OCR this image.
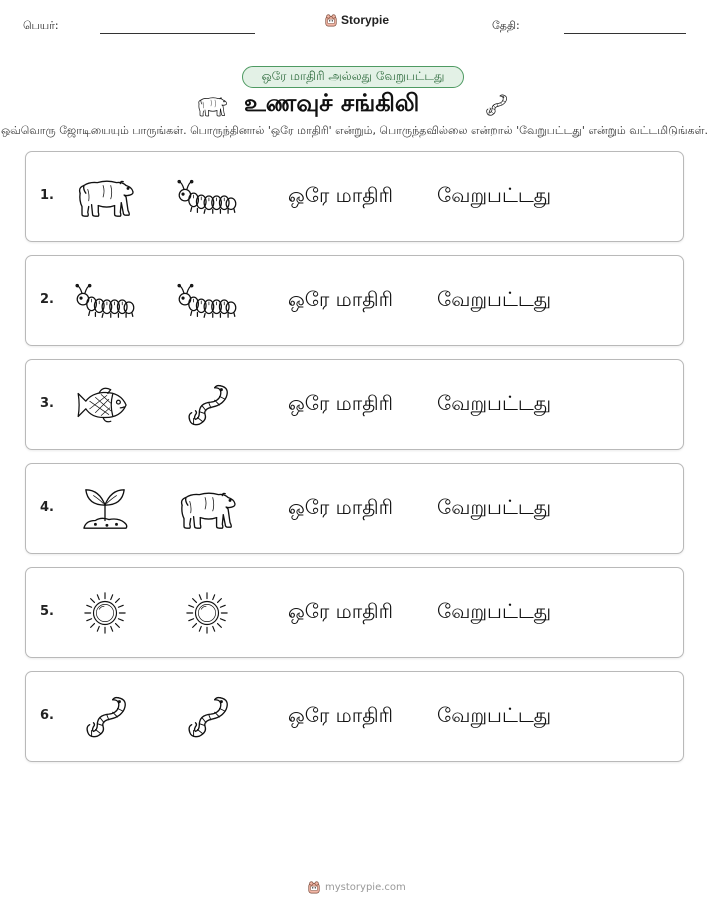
பெயர்:	Storypie	தேதி:
ஒரே மாதிரி அல்லது வேறுபட்டது
உணவுச் சங்கிலி
ஒவ்வொரு ஜோடியையும் பாருங்கள். பொருந்தினால் 'ஒரே மாதிரி' என்றும், பொருந்தவில்லை என்றால் 'வேறுபட்டது' என்றும் வட்டமிடுங்கள்.
1.	ஒரே மாதிரி வேறுபட்டது
2.	ஒரே மாதிரி வேறுபட்டது
3.	ஒரே மாதிரி வேறுபட்டது
4.	ஒரே மாதிரி வேறுபட்டது
5.	ஒரே மாதிரி வேறுபட்டது
6.	ஒரே மாதிரி வேறுபட்டது
mystorypie.com
